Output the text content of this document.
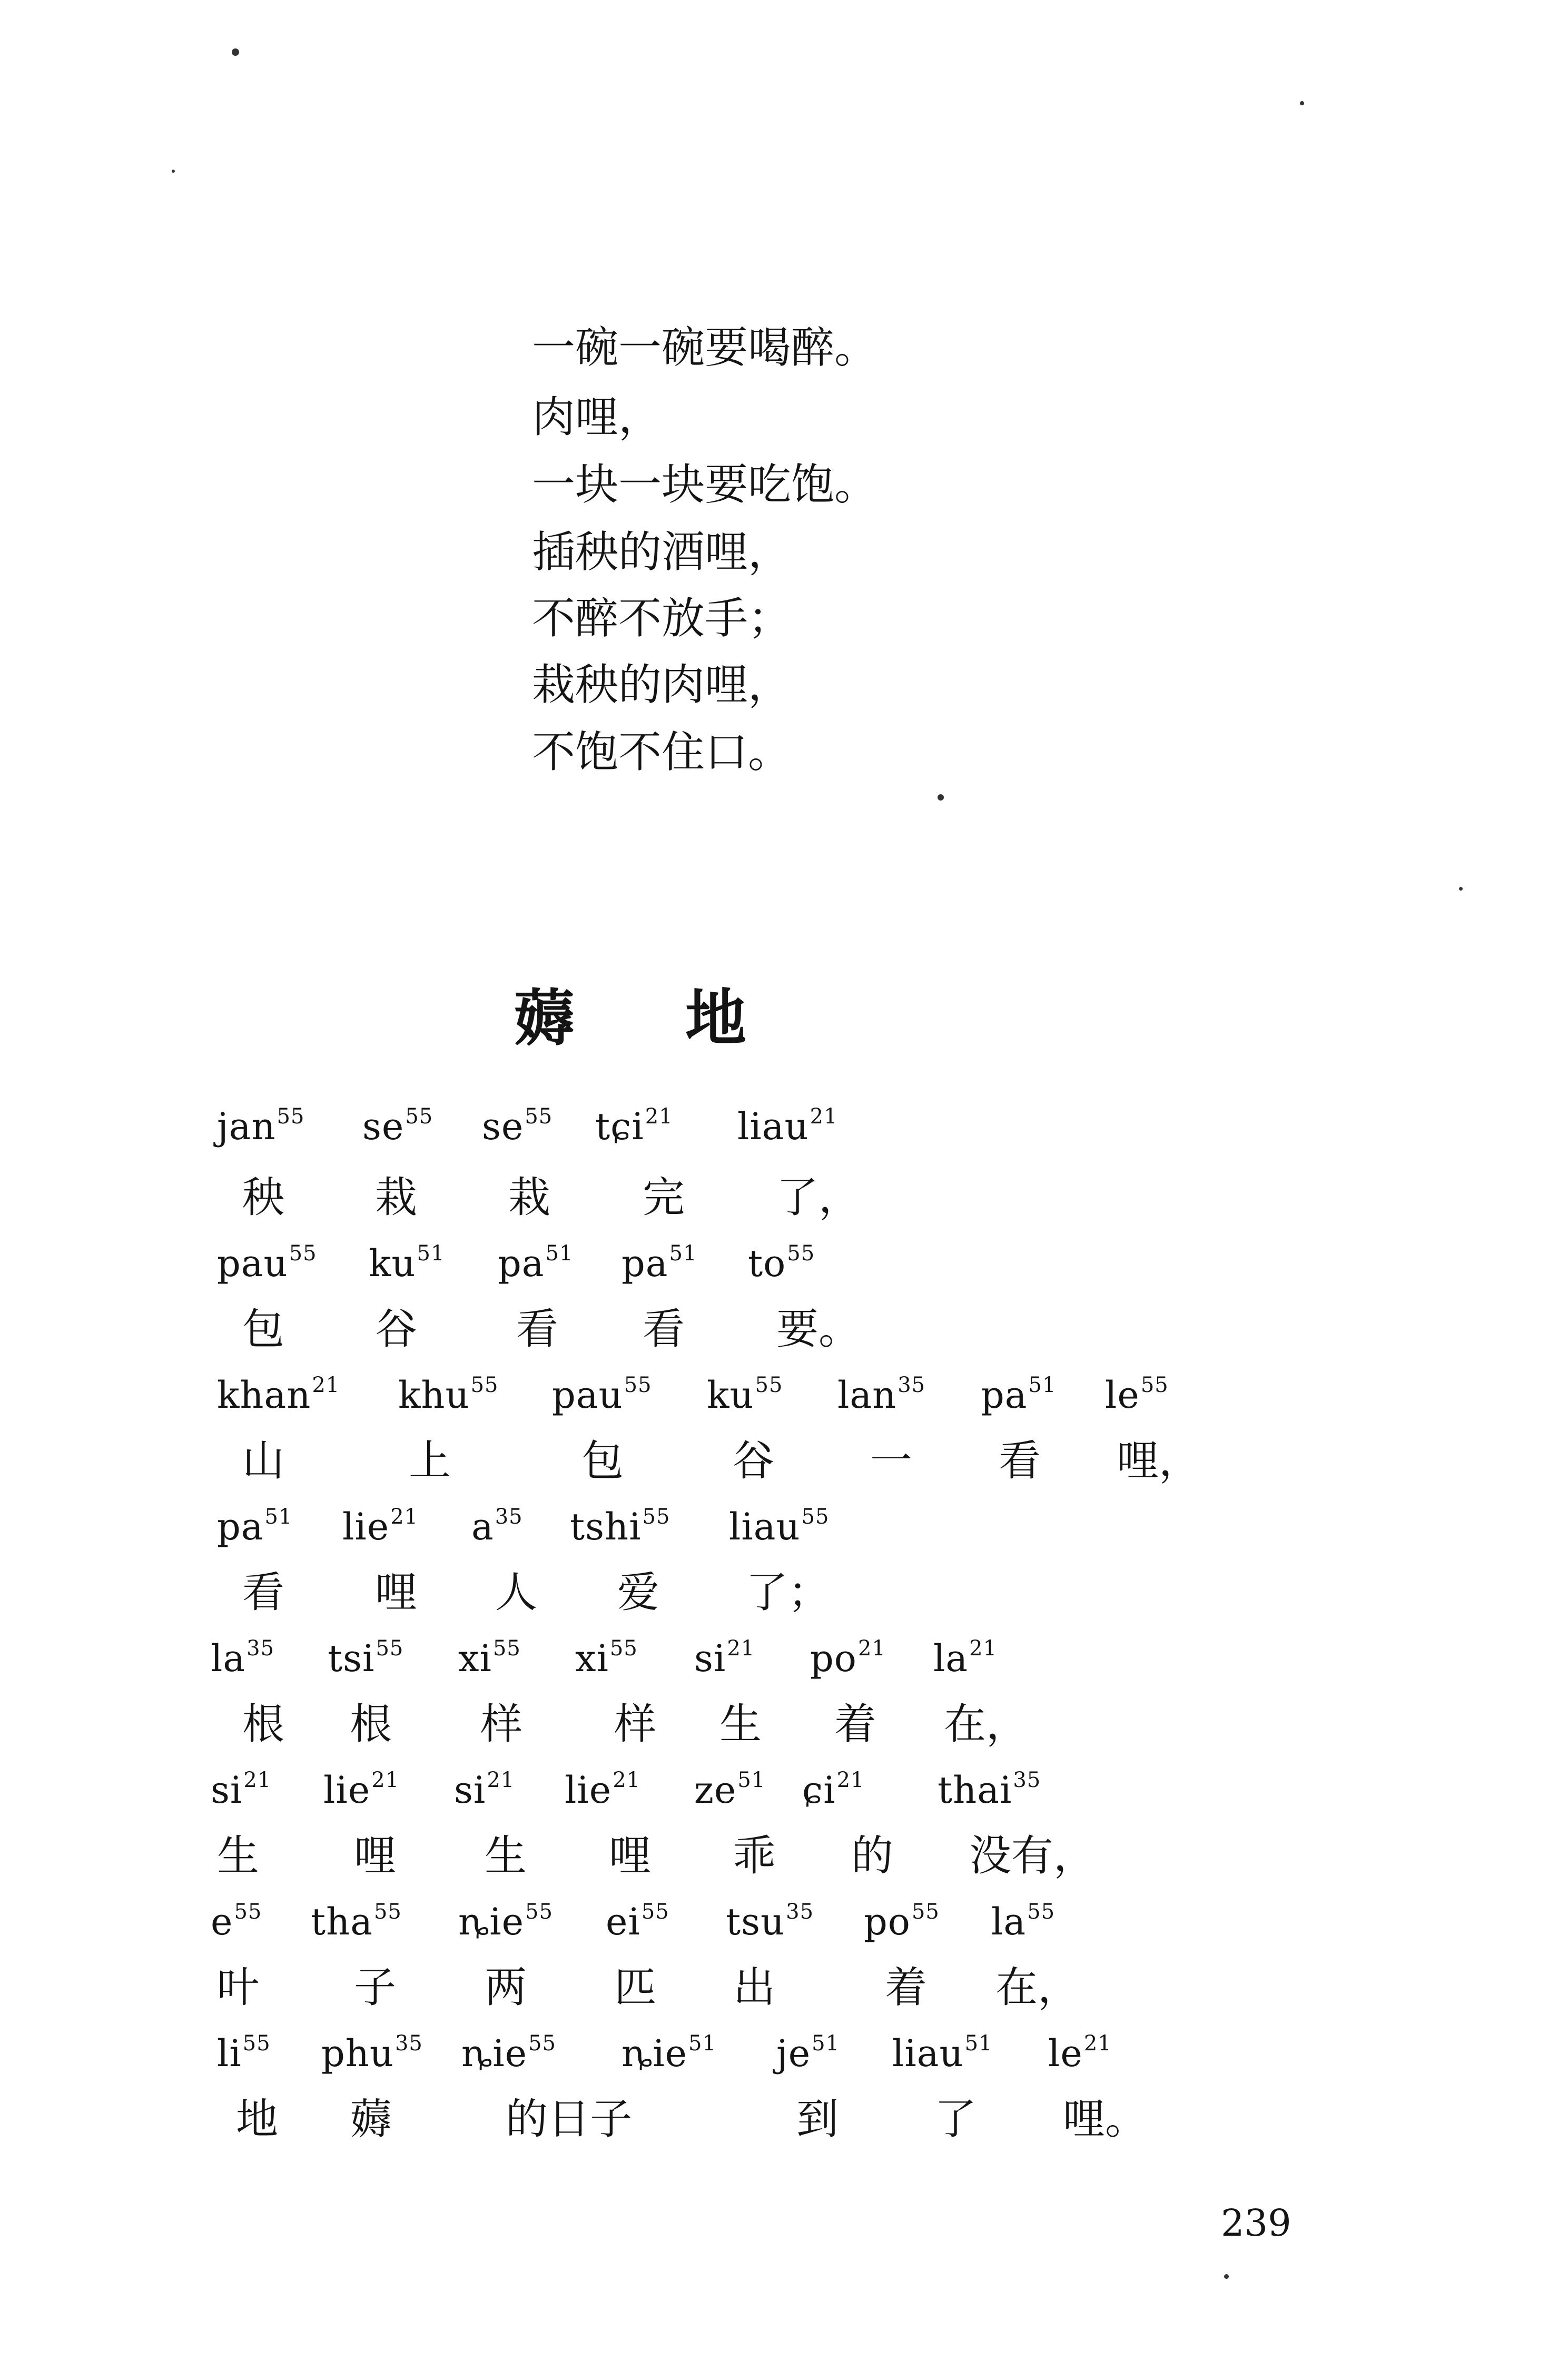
一碗一碗要喝醉。
肉哩，
一块一块要吃饱。
插秧的酒哩，
不醉不放手；
栽秧的肉哩，
不饱不住口。
薅 地
jan$^{55}$ $se^{55}$ $se^{55}$ tɕi$^{21}$ liau$^{21}$
秧 栽 栽 完 了，
pau$^{55}$ $ku^{51}$ $pa^{51}$ $pa^{51}$ $to^{55}$
包 谷 看 看 要。
khan$^{21}$ khu$^{55}$ pau$^{55}$ $ku^{55}$ lan$^{35}$ $pa^{51}$ $le^{55}$
山	上	包	谷 一 看 哩，
$pa^{51}$ lie$^{21}$ $a^{35}$ tshi$^{55}$ liau$^{55}$
看 哩 人 爱 了；
$la^{35}$ tsi$^{55}$ $xi^{55}$ $xi^{55}$ $si^{21}$ $po^{21}$ $la^{21}$
根 根 样 样 生 着 在，
$si^{21}$ lie$^{21}$ $si^{21}$ lie$^{21}$ $ze^{51}$ ɕi$^{21}$ thai$^{35}$
生 哩 生 哩 乖 的 没有，
$e^{55}$ tha$^{55}$ ȵie$^{55}$ $ei^{55}$ tsu$^{35}$ $po^{55}$ $la^{55}$
叶 子 两 匹 出	着 在，
$li^{55}$ phu$^{35}$ ȵie$^{55}$ ȵie$^{51}$ $je^{51}$ liau$^{51}$ $le^{21}$
地 薅	的日子	到 了 哩。
239
